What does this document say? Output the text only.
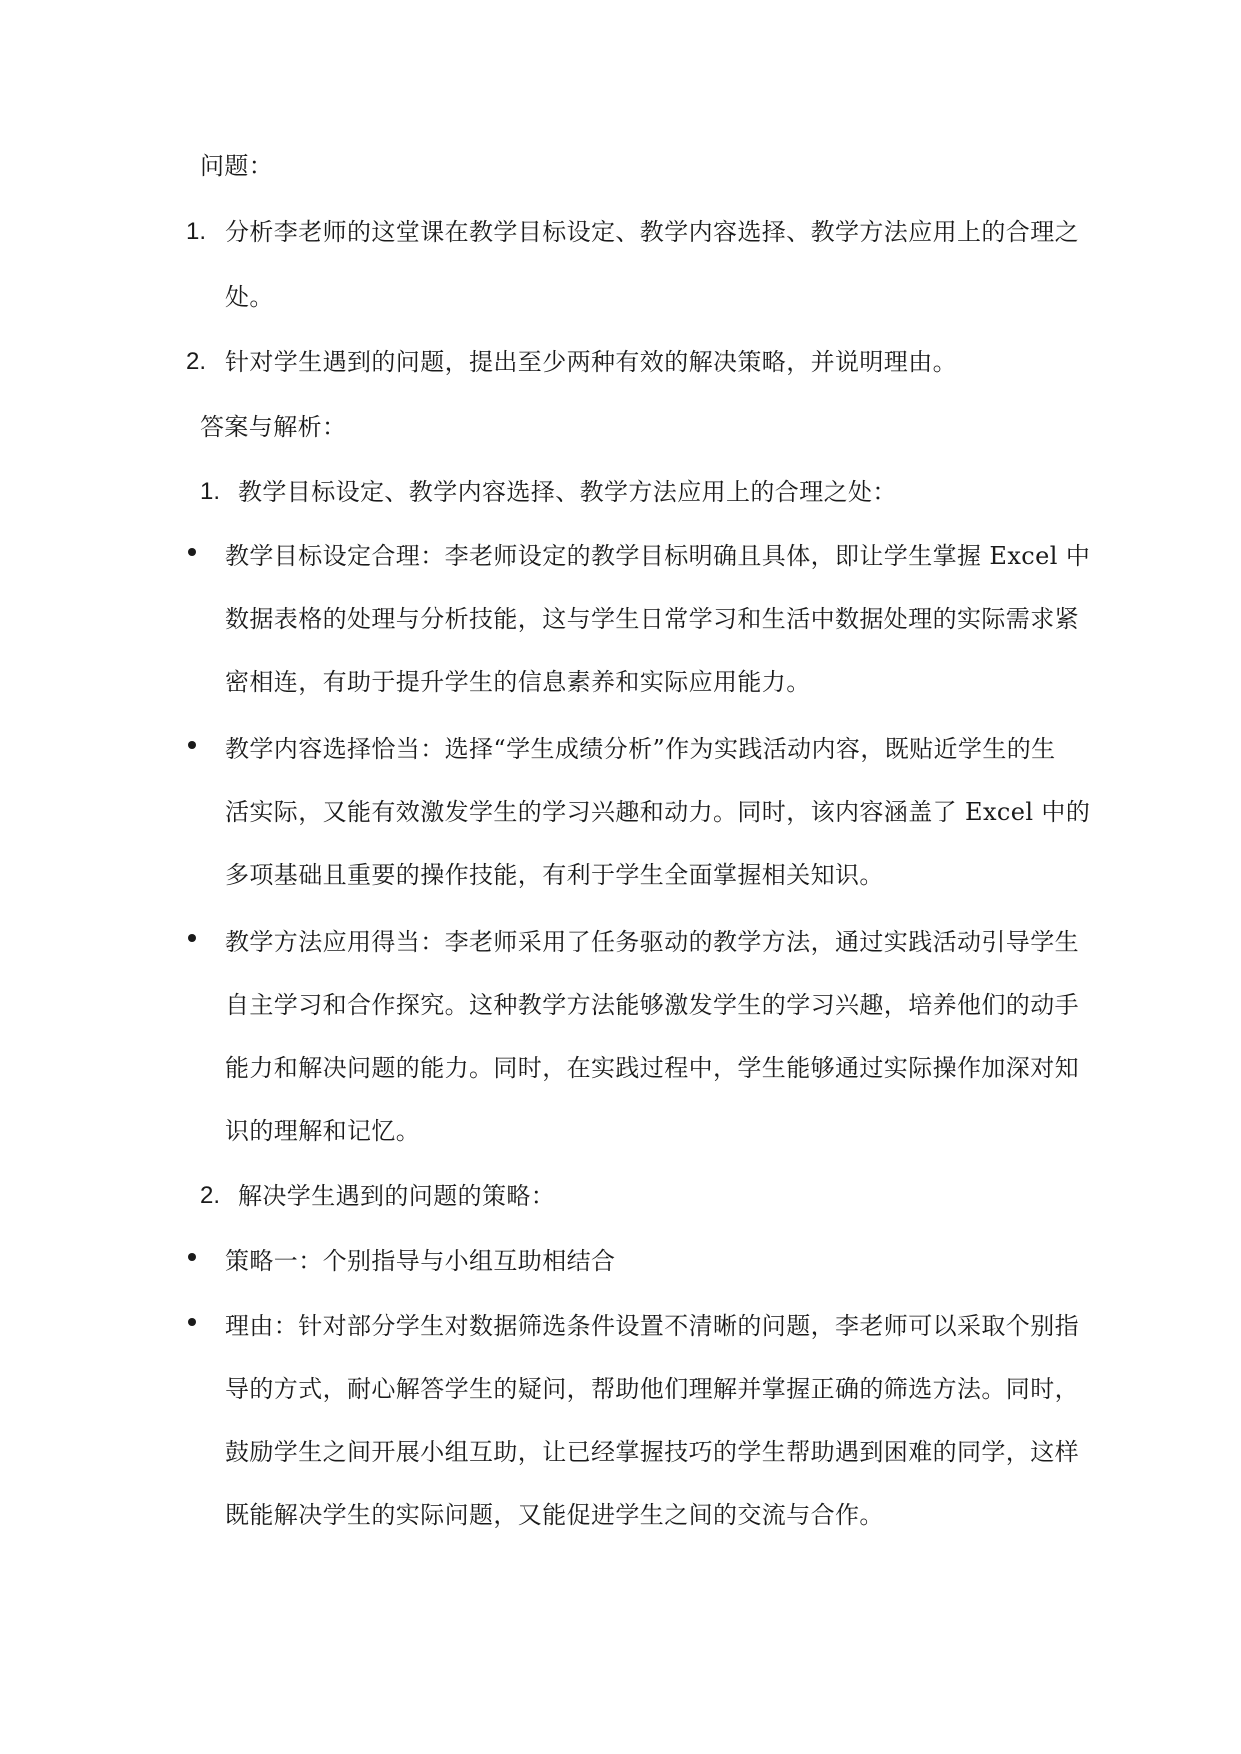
问题：
1. 分析李老师的这堂课在教学目标设定、教学内容选择、教学方法应用上的合理之
处。
2. 针对学生遇到的问题，提出至少两种有效的解决策略，并说明理由。
答案与解析：
1. 教学目标设定、教学内容选择、教学方法应用上的合理之处：
教学目标设定合理：李老师设定的教学目标明确且具体，即让学生掌握 Excel 中
数据表格的处理与分析技能，这与学生日常学习和生活中数据处理的实际需求紧
密相连，有助于提升学生的信息素养和实际应用能力。
教学内容选择恰当：选择“学生成绩分析”作为实践活动内容，既贴近学生的生
活实际，又能有效激发学生的学习兴趣和动力。同时，该内容涵盖了 Excel 中的
多项基础且重要的操作技能，有利于学生全面掌握相关知识。
教学方法应用得当：李老师采用了任务驱动的教学方法，通过实践活动引导学生
自主学习和合作探究。这种教学方法能够激发学生的学习兴趣，培养他们的动手
能力和解决问题的能力。同时，在实践过程中，学生能够通过实际操作加深对知
识的理解和记忆。
2. 解决学生遇到的问题的策略：
策略一：个别指导与小组互助相结合
理由：针对部分学生对数据筛选条件设置不清晰的问题，李老师可以采取个别指
导的方式，耐心解答学生的疑问，帮助他们理解并掌握正确的筛选方法。同时，
鼓励学生之间开展小组互助，让已经掌握技巧的学生帮助遇到困难的同学，这样
既能解决学生的实际问题，又能促进学生之间的交流与合作。
